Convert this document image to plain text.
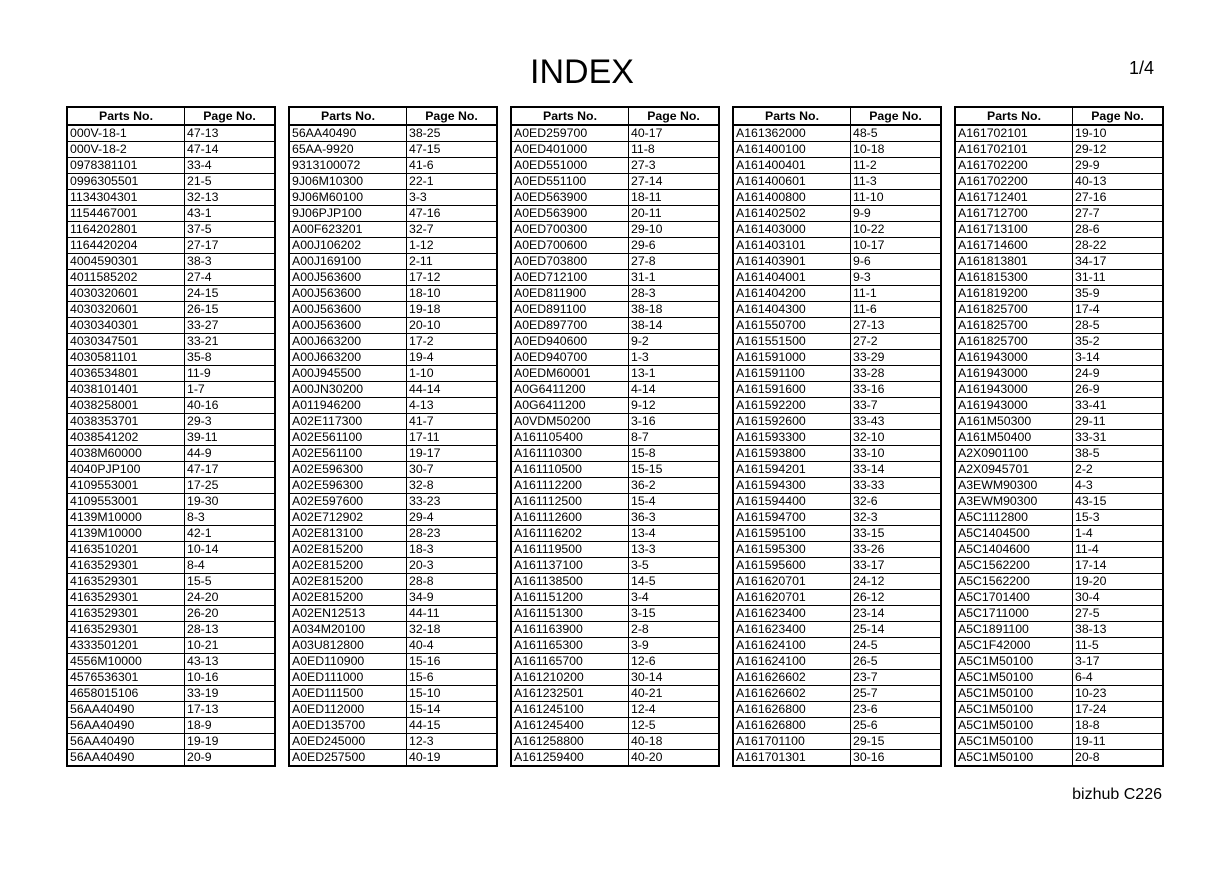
INDEX	1/4
Parts No.	Page No.
000V-18-1	47-13
000V-18-2	47-14
0978381101	33-4
0996305501	21-5
1134304301	32-13
1154467001	43-1
1164202801	37-5
1164420204	27-17
4004590301	38-3
4011585202	27-4
4030320601	24-15
4030320601	26-15
4030340301	33-27
4030347501	33-21
4030581101	35-8
4036534801	11-9
4038101401	1-7
4038258001	40-16
4038353701	29-3
4038541202	39-11
4038M60000	44-9
4040PJP100	47-17
4109553001	17-25
4109553001	19-30
4139M10000	8-3
4139M10000	42-1
4163510201	10-14
4163529301	8-4
4163529301	15-5
4163529301	24-20
4163529301	26-20
4163529301	28-13
4333501201	10-21
4556M10000	43-13
4576536301	10-16
4658015106	33-19
56AA40490	17-13
56AA40490	18-9
56AA40490	19-19
56AA40490	20-9
Parts No.	Page No.
56AA40490	38-25
65AA-9920	47-15
9313100072	41-6
9J06M10300	22-1
9J06M60100	3-3
9J06PJP100	47-16
A00F623201	32-7
A00J106202	1-12
A00J169100	2-11
A00J563600	17-12
A00J563600	18-10
A00J563600	19-18
A00J563600	20-10
A00J663200	17-2
A00J663200	19-4
A00J945500	1-10
A00JN30200	44-14
A011946200	4-13
A02E117300	41-7
A02E561100	17-11
A02E561100	19-17
A02E596300	30-7
A02E596300	32-8
A02E597600	33-23
A02E712902	29-4
A02E813100	28-23
A02E815200	18-3
A02E815200	20-3
A02E815200	28-8
A02E815200	34-9
A02EN12513	44-11
A034M20100	32-18
A03U812800	40-4
A0ED110900	15-16
A0ED111000	15-6
A0ED111500	15-10
A0ED112000	15-14
A0ED135700	44-15
A0ED245000	12-3
A0ED257500	40-19
Parts No.	Page No.
A0ED259700	40-17
A0ED401000	11-8
A0ED551000	27-3
A0ED551100	27-14
A0ED563900	18-11
A0ED563900	20-11
A0ED700300	29-10
A0ED700600	29-6
A0ED703800	27-8
A0ED712100	31-1
A0ED811900	28-3
A0ED891100	38-18
A0ED897700	38-14
A0ED940600	9-2
A0ED940700	1-3
A0EDM60001	13-1
A0G6411200	4-14
A0G6411200	9-12
A0VDM50200	3-16
A161105400	8-7
A161110300	15-8
A161110500	15-15
A161112200	36-2
A161112500	15-4
A161112600	36-3
A161116202	13-4
A161119500	13-3
A161137100	3-5
A161138500	14-5
A161151200	3-4
A161151300	3-15
A161163900	2-8
A161165300	3-9
A161165700	12-6
A161210200	30-14
A161232501	40-21
A161245100	12-4
A161245400	12-5
A161258800	40-18
A161259400	40-20
Parts No.	Page No.
A161362000	48-5
A161400100	10-18
A161400401	11-2
A161400601	11-3
A161400800	11-10
A161402502	9-9
A161403000	10-22
A161403101	10-17
A161403901	9-6
A161404001	9-3
A161404200	11-1
A161404300	11-6
A161550700	27-13
A161551500	27-2
A161591000	33-29
A161591100	33-28
A161591600	33-16
A161592200	33-7
A161592600	33-43
A161593300	32-10
A161593800	33-10
A161594201	33-14
A161594300	33-33
A161594400	32-6
A161594700	32-3
A161595100	33-15
A161595300	33-26
A161595600	33-17
A161620701	24-12
A161620701	26-12
A161623400	23-14
A161623400	25-14
A161624100	24-5
A161624100	26-5
A161626602	23-7
A161626602	25-7
A161626800	23-6
A161626800	25-6
A161701100	29-15
A161701301	30-16
Parts No.	Page No.
A161702101	19-10
A161702101	29-12
A161702200	29-9
A161702200	40-13
A161712401	27-16
A161712700	27-7
A161713100	28-6
A161714600	28-22
A161813801	34-17
A161815300	31-11
A161819200	35-9
A161825700	17-4
A161825700	28-5
A161825700	35-2
A161943000	3-14
A161943000	24-9
A161943000	26-9
A161943000	33-41
A161M50300	29-11
A161M50400	33-31
A2X0901100	38-5
A2X0945701	2-2
A3EWM90300	4-3
A3EWM90300	43-15
A5C1112800	15-3
A5C1404500	1-4
A5C1404600	11-4
A5C1562200	17-14
A5C1562200	19-20
A5C1701400	30-4
A5C1711000	27-5
A5C1891100	38-13
A5C1F42000	11-5
A5C1M50100	3-17
A5C1M50100	6-4
A5C1M50100	10-23
A5C1M50100	17-24
A5C1M50100	18-8
A5C1M50100	19-11
A5C1M50100	20-8
bizhub C226
